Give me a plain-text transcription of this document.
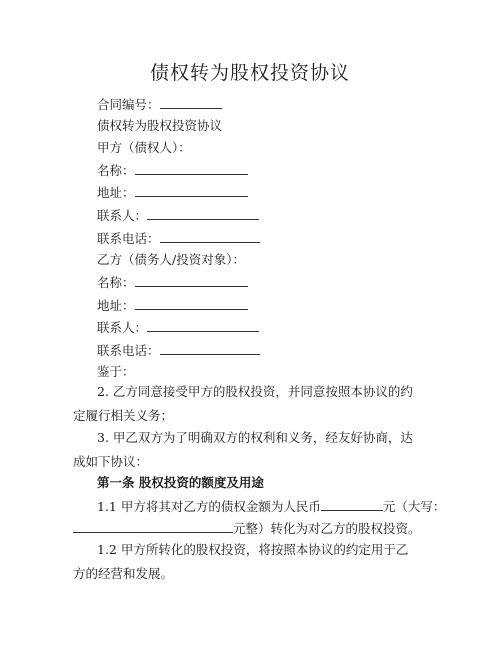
债权转为股权投资协议
合同编号：
债权转为股权投资协议
甲方（债权人）：
名称：
地址：
联系人：
联系电话：
乙方（债务人/投资对象）：
名称：
地址：
联系人：
联系电话：
鉴于：
2. 乙方同意接受甲方的股权投资，并同意按照本协议的约定履行相关义务；
3. 甲乙双方为了明确双方的权利和义务，经友好协商，达成如下协议：
第一条 股权投资的额度及用途
1.1 甲方将其对乙方的债权金额为人民币	元（大写：
元整）转化为对乙方的股权投资。
1.2 甲方所转化的股权投资，将按照本协议的约定用于乙方的经营和发展。
